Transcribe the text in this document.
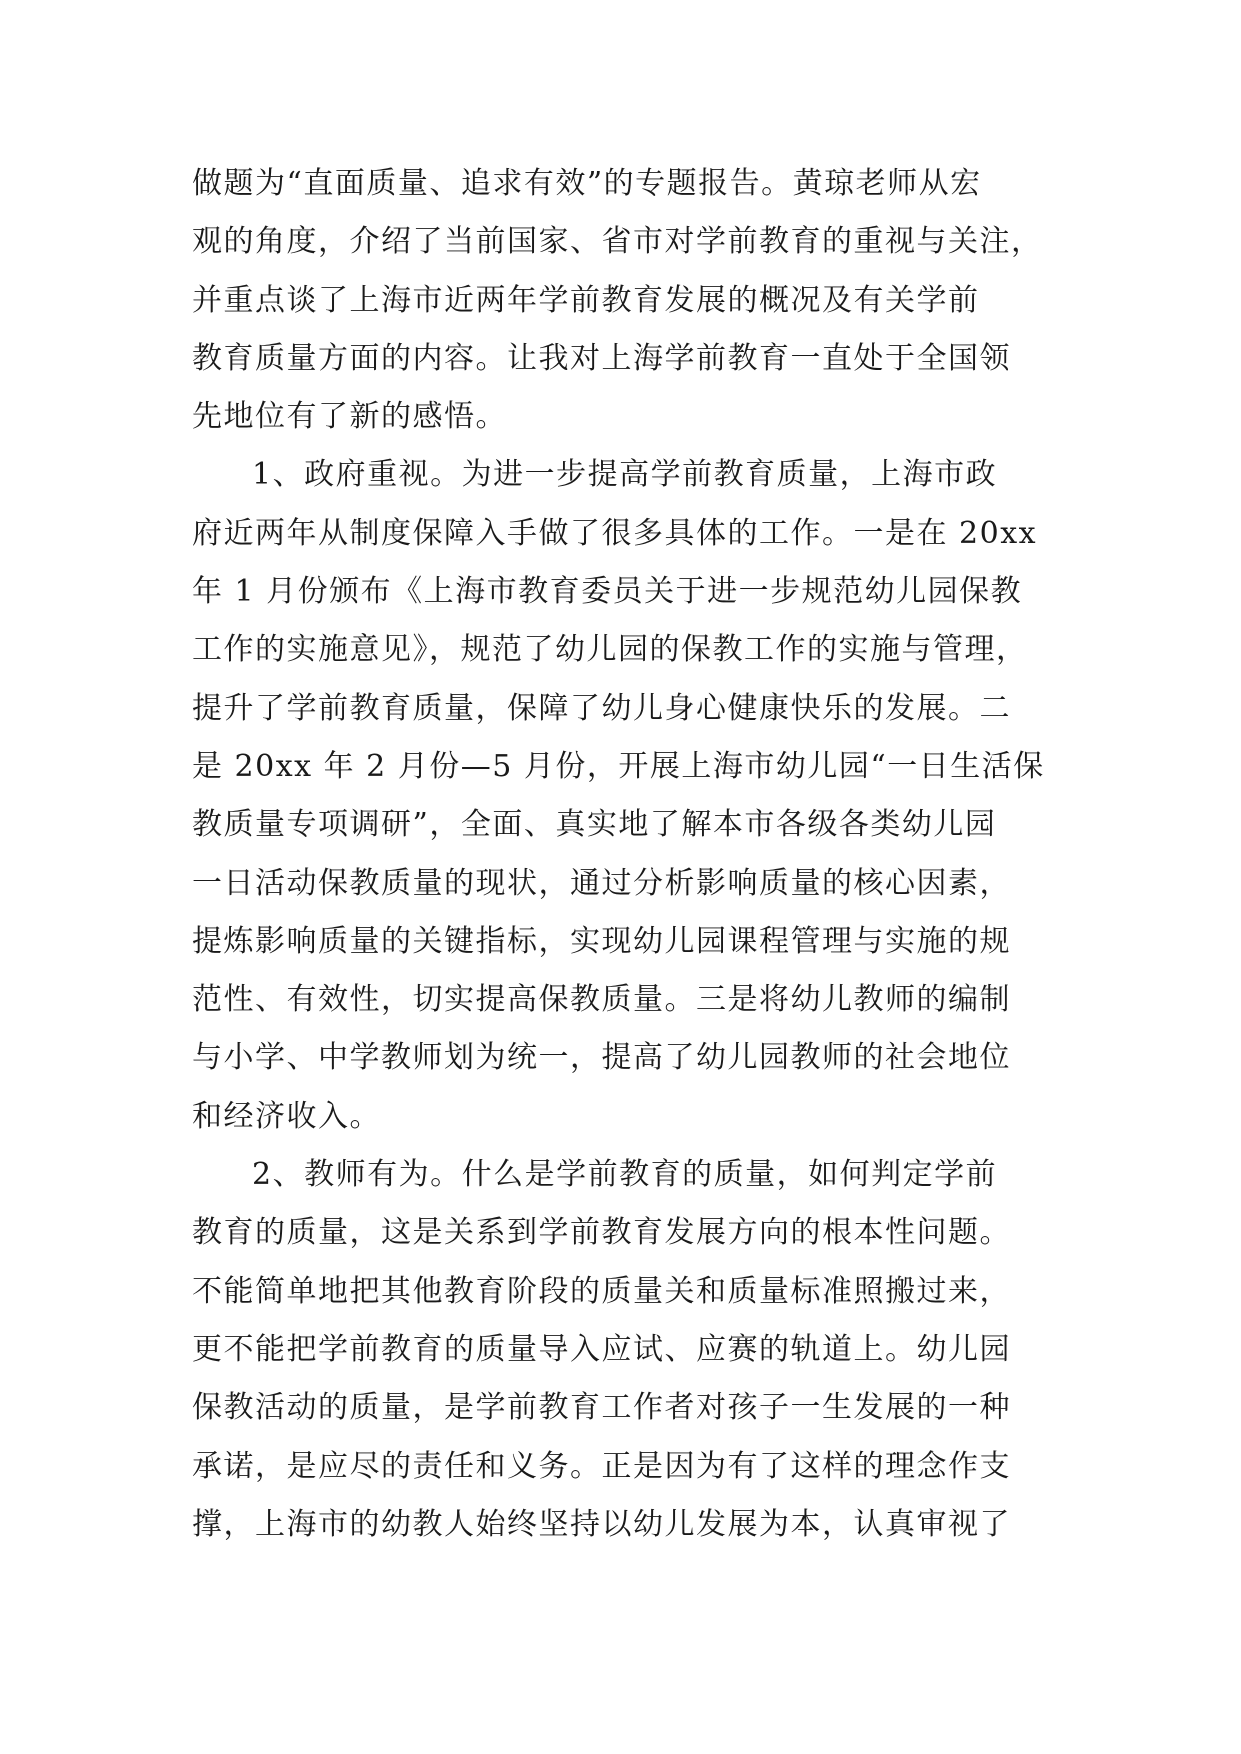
做题为“直面质量、追求有效”的专题报告。黄琼老师从宏
观的角度，介绍了当前国家、省市对学前教育的重视与关注，
并重点谈了上海市近两年学前教育发展的概况及有关学前
教育质量方面的内容。让我对上海学前教育一直处于全国领
先地位有了新的感悟。
1、政府重视。为进一步提高学前教育质量，上海市政
府近两年从制度保障入手做了很多具体的工作。一是在 20xx
年 1 月份颁布《上海市教育委员关于进一步规范幼儿园保教
工作的实施意见》，规范了幼儿园的保教工作的实施与管理，
提升了学前教育质量，保障了幼儿身心健康快乐的发展。二
是 20xx 年 2 月份—5 月份，开展上海市幼儿园“一日生活保
教质量专项调研”，全面、真实地了解本市各级各类幼儿园
一日活动保教质量的现状，通过分析影响质量的核心因素，
提炼影响质量的关键指标，实现幼儿园课程管理与实施的规
范性、有效性，切实提高保教质量。三是将幼儿教师的编制
与小学、中学教师划为统一，提高了幼儿园教师的社会地位
和经济收入。
2、教师有为。什么是学前教育的质量，如何判定学前
教育的质量，这是关系到学前教育发展方向的根本性问题。
不能简单地把其他教育阶段的质量关和质量标准照搬过来，
更不能把学前教育的质量导入应试、应赛的轨道上。幼儿园
保教活动的质量，是学前教育工作者对孩子一生发展的一种
承诺，是应尽的责任和义务。正是因为有了这样的理念作支
撑，上海市的幼教人始终坚持以幼儿发展为本，认真审视了
